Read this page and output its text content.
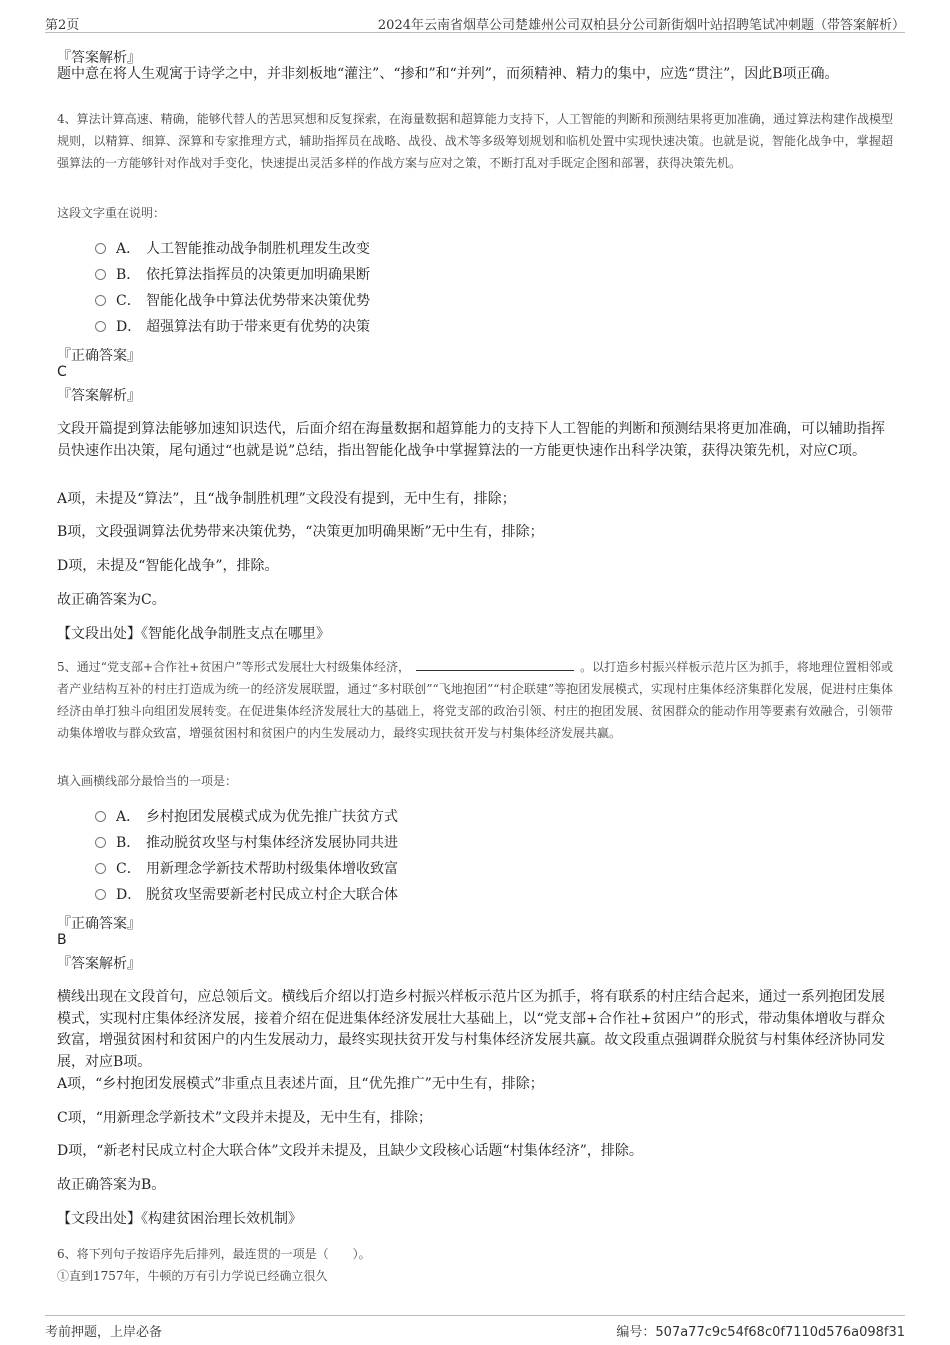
第2页	2024年云南省烟草公司楚雄州公司双柏县分公司新街烟叶站招聘笔试冲刺题（带答案解析）
『答案解析』
题中意在将人生观寓于诗学之中，并非刻板地“灌注”、“掺和”和“并列”，而须精神、精力的集中，应选“贯注”，因此B项正确。
4、算法计算高速、精确，能够代替人的苦思冥想和反复探索，在海量数据和超算能力支持下，人工智能的判断和预测结果将更加准确，通过算法构建作战模型规则，以精算、细算、深算和专家推理方式，辅助指挥员在战略、战役、战术等多级筹划规划和临机处置中实现快速决策。也就是说，智能化战争中，掌握超强算法的一方能够针对作战对手变化，快速提出灵活多样的作战方案与应对之策，不断打乱对手既定企图和部署，获得决策先机。
这段文字重在说明：
A． 人工智能推动战争制胜机理发生改变
B． 依托算法指挥员的决策更加明确果断
C． 智能化战争中算法优势带来决策优势
D． 超强算法有助于带来更有优势的决策
『正确答案』
C
『答案解析』
文段开篇提到算法能够加速知识迭代，后面介绍在海量数据和超算能力的支持下人工智能的判断和预测结果将更加准确，可以辅助指挥员快速作出决策，尾句通过“也就是说”总结，指出智能化战争中掌握算法的一方能更快速作出科学决策，获得决策先机，对应C项。
A项，未提及“算法”，且“战争制胜机理”文段没有提到，无中生有，排除；
B项，文段强调算法优势带来决策优势，“决策更加明确果断”无中生有，排除；
D项，未提及“智能化战争”，排除。
故正确答案为C。
【文段出处】《智能化战争制胜支点在哪里》
5、通过“党支部+合作社+贫困户”等形式发展壮大村级集体经济，	。以打造乡村振兴样板示范片区为抓手，将地理位置相邻或者产业结构互补的村庄打造成为统一的经济发展联盟，通过“多村联创”“飞地抱团”“村企联建”等抱团发展模式，实现村庄集体经济集群化发展，促进村庄集体经济由单打独斗向组团发展转变。在促进集体经济发展壮大的基础上，将党支部的政治引领、村庄的抱团发展、贫困群众的能动作用等要素有效融合，引领带动集体增收与群众致富，增强贫困村和贫困户的内生发展动力，最终实现扶贫开发与村集体经济发展共赢。
填入画横线部分最恰当的一项是：
A． 乡村抱团发展模式成为优先推广扶贫方式
B． 推动脱贫攻坚与村集体经济发展协同共进
C． 用新理念学新技术帮助村级集体增收致富
D． 脱贫攻坚需要新老村民成立村企大联合体
『正确答案』
B
『答案解析』
横线出现在文段首句，应总领后文。横线后介绍以打造乡村振兴样板示范片区为抓手，将有联系的村庄结合起来，通过一系列抱团发展模式，实现村庄集体经济发展，接着介绍在促进集体经济发展壮大基础上，以“党支部+合作社+贫困户”的形式，带动集体增收与群众致富，增强贫困村和贫困户的内生发展动力，最终实现扶贫开发与村集体经济发展共赢。故文段重点强调群众脱贫与村集体经济协同发展，对应B项。
A项，“乡村抱团发展模式”非重点且表述片面，且“优先推广”无中生有，排除；
C项，“用新理念学新技术”文段并未提及，无中生有，排除；
D项，“新老村民成立村企大联合体”文段并未提及，且缺少文段核心话题“村集体经济”，排除。
故正确答案为B。
【文段出处】《构建贫困治理长效机制》
6、将下列句子按语序先后排列，最连贯的一项是（　　）。
①直到1757年，牛顿的万有引力学说已经确立很久
考前押题，上岸必备	编号：507a77c9c54f68c0f7110d576a098f31
